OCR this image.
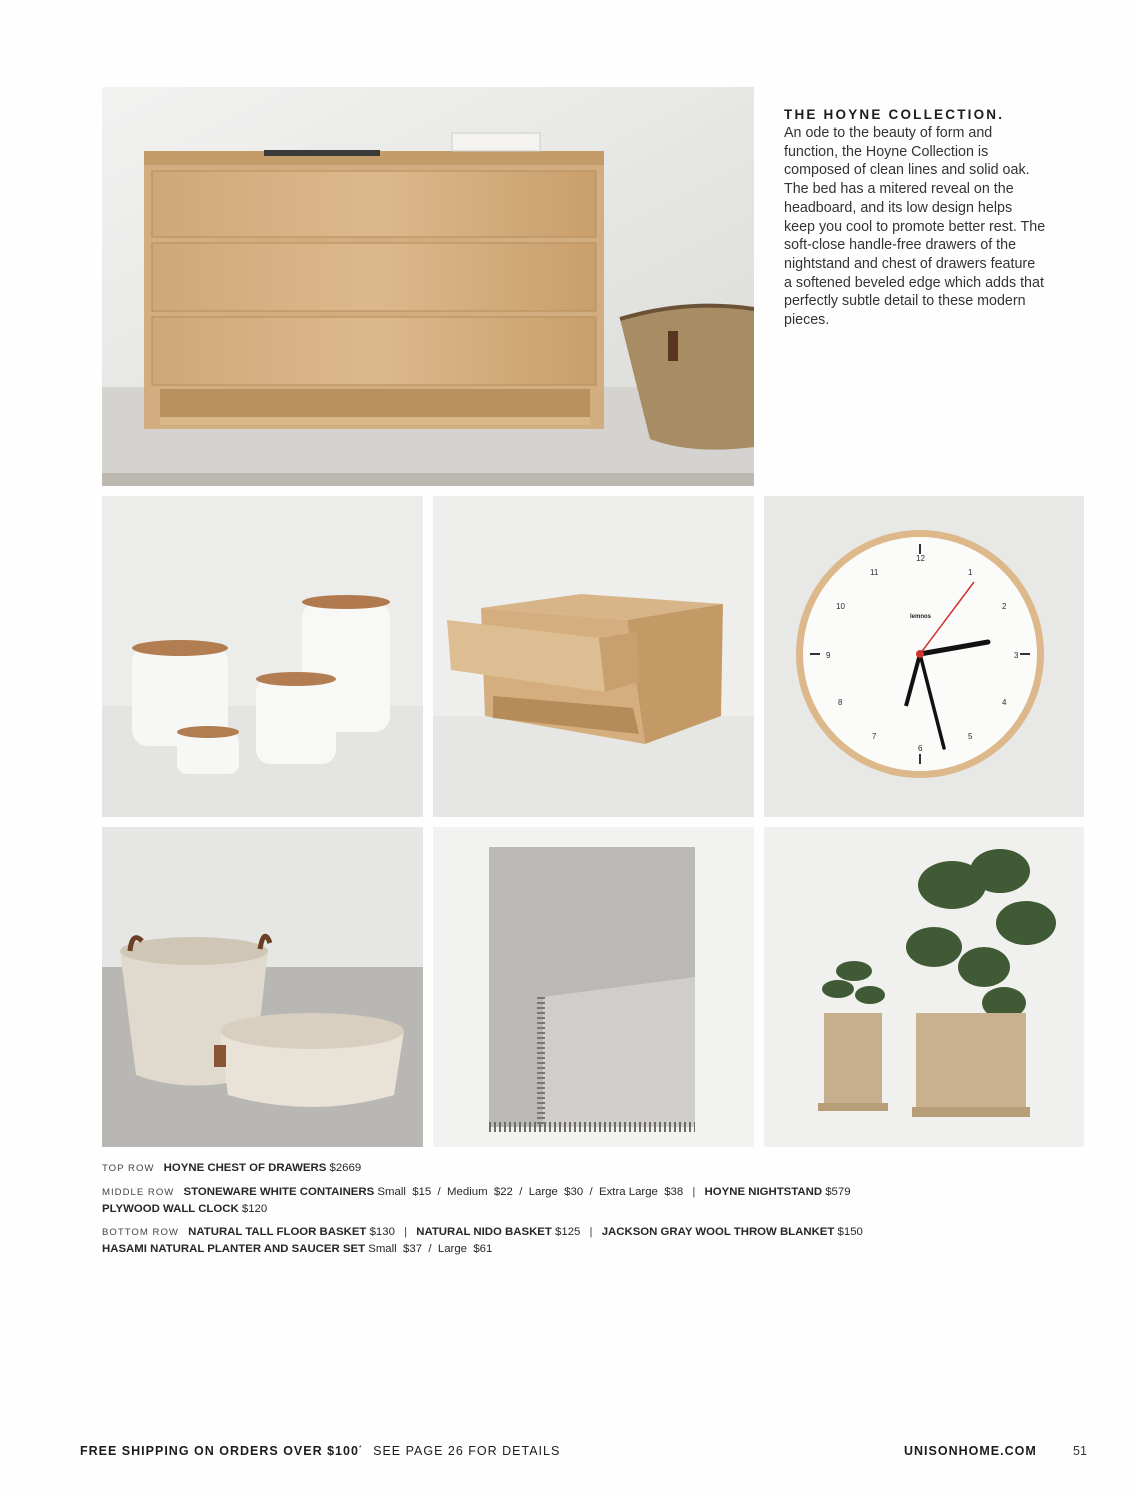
THE HOYNE COLLECTION.

An ode to the beauty of form and function, the Hoyne Collection is composed of clean lines and solid oak. The bed has a mitered reveal on the headboard, and its low design helps keep you cool to promote better rest. The soft-close handle-free drawers of the nightstand and chest of drawers feature a softened beveled edge which adds that perfectly subtle detail to these modern pieces.

lemnos
12
1
2
3
4
5
6
7
8
9
10
11
TOP ROW HOYNE CHEST OF DRAWERS $2669
MIDDLE ROW STONEWARE WHITE CONTAINERS Small  $15  /  Medium  $22  /  Large  $30  /  Extra Large  $38 | HOYNE NIGHTSTAND $579
PLYWOOD WALL CLOCK $120
BOTTOM ROW NATURAL TALL FLOOR BASKET $130 | NATURAL NIDO BASKET $125 | JACKSON GRAY WOOL THROW BLANKET $150
HASAMI NATURAL PLANTER AND SAUCER SET Small  $37  /  Large  $61
FREE SHIPPING ON ORDERS OVER $100* SEE PAGE 26 FOR DETAILS	UNISONHOME.COM	51
